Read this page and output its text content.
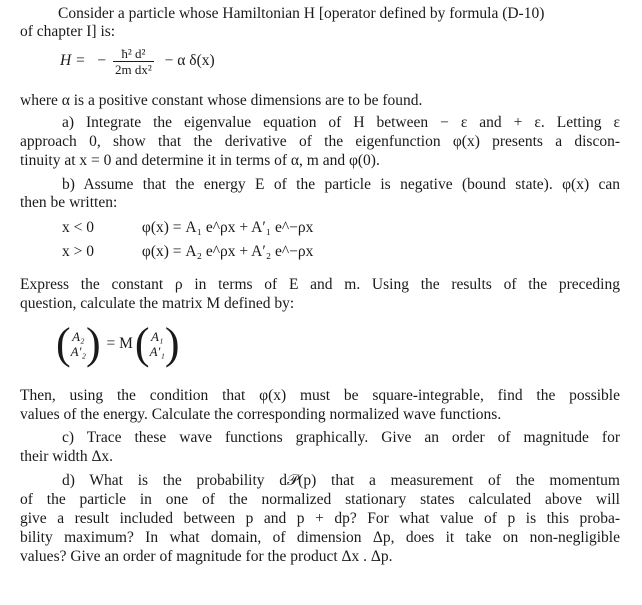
Consider a particle whose Hamiltonian H [operator defined by formula (D-10)
of chapter I] is:
H = − $\frac{\text{ħ² d²}}{\text{2m dx²}} - \alpha$ δ(x)
where α is a positive constant whose dimensions are to be found.
a) Integrate the eigenvalue equation of H between − ε and + ε. Letting ε
approach 0, show that the derivative of the eigenfunction φ(x) presents a discon-
tinuity at x = 0 and determine it in terms of α, m and φ(0).
b) Assume that the energy E of the particle is negative (bound state). φ(x) can
then be written:
x < 0	φ(x) = A₁ e^ρx + A′₁ e^−ρx
x > 0	φ(x) = A₂ e^ρx + A′₂ e^−ρx
Express the constant ρ in terms of E and m. Using the results of the preceding
question, calculate the matrix M defined by:
( A₂
A′₂ ) = M( A₁
A′₁ )
Then, using the condition that φ(x) must be square-integrable, find the possible
values of the energy. Calculate the corresponding normalized wave functions.
c) Trace these wave functions graphically. Give an order of magnitude for
their width Δx.
d) What is the probability d𝒫(p) that a measurement of the momentum
of the particle in one of the normalized stationary states calculated above will
give a result included between p and p + dp? For what value of p is this proba-
bility maximum? In what domain, of dimension Δp, does it take on non-negligible
values? Give an order of magnitude for the product Δx . Δp.
